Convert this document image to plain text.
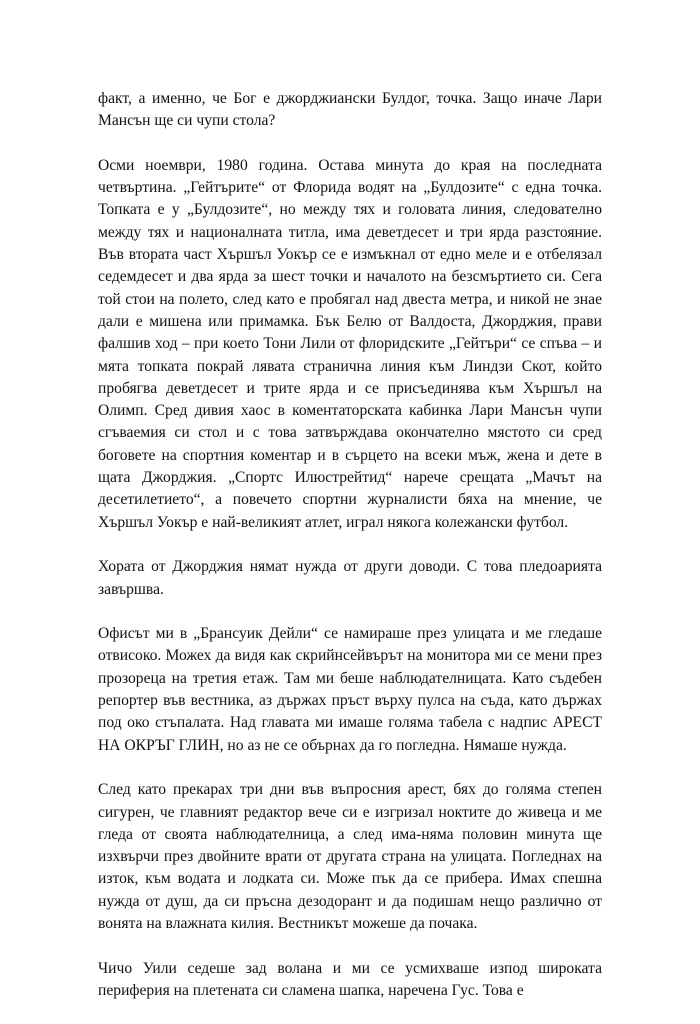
факт, а именно, че Бог е джорджиански Булдог, точка. Защо иначе Лари Мансън ще си чупи стола?

Осми ноември, 1980 година. Остава минута до края на последната четвъртина. „Гейтърите“ от Флорида водят на „Булдозите“ с една точка. Топката е у „Булдозите“, но между тях и головата линия, следователно между тях и националната титла, има деветдесет и три ярда разстояние. Във втората част Хършъл Уокър се е измъкнал от едно меле и е отбелязал седемдесет и два ярда за шест точки и началото на безсмъртието си. Сега той стои на полето, след като е пробягал над двеста метра, и никой не знае дали е мишена или примамка. Бък Белю от Валдоста, Джорджия, прави фалшив ход – при което Тони Лили от флоридските „Гейтъри“ се спъва – и мята топката покрай лявата странична линия към Линдзи Скот, който пробягва деветдесет и трите ярда и се присъединява към Хършъл на Олимп. Сред дивия хаос в коментаторската кабинка Лари Мансън чупи сгъваемия си стол и с това затвърждава окончателно мястото си сред боговете на спортния коментар и в сърцето на всеки мъж, жена и дете в щата Джорджия. „Спортс Илюстрейтид“ нарече срещата „Мачът на десетилетието“, а повечето спортни журналисти бяха на мнение, че Хършъл Уокър е най-великият атлет, играл някога колежански футбол.

Хората от Джорджия нямат нужда от други доводи. С това пледоарията завършва.

Офисът ми в „Брансуик Дейли“ се намираше през улицата и ме гледаше отвисоко. Можех да видя как скрийнсейвърът на монитора ми се мени през прозореца на третия етаж. Там ми беше наблюдателницата. Като съдебен репортер във вестника, аз държах пръст върху пулса на съда, като държах под око стъпалата. Над главата ми имаше голяма табела с надпис АРЕСТ НА ОКРЪГ ГЛИН, но аз не се обърнах да го погледна. Нямаше нужда.

След като прекарах три дни във въпросния арест, бях до голяма степен сигурен, че главният редактор вече си е изгризал ноктите до живеца и ме гледа от своята наблюдателница, а след има-няма половин минута ще изхвърчи през двойните врати от другата страна на улицата. Погледнах на изток, към водата и лодката си. Може пък да се прибера. Имах спешна нужда от душ, да си пръсна дезодорант и да подишам нещо различно от вонята на влажната килия. Вестникът можеше да почака.

Чичо Уили седеше зад волана и ми се усмихваше изпод широката периферия на плетената си сламена шапка, наречена Гус. Това е
